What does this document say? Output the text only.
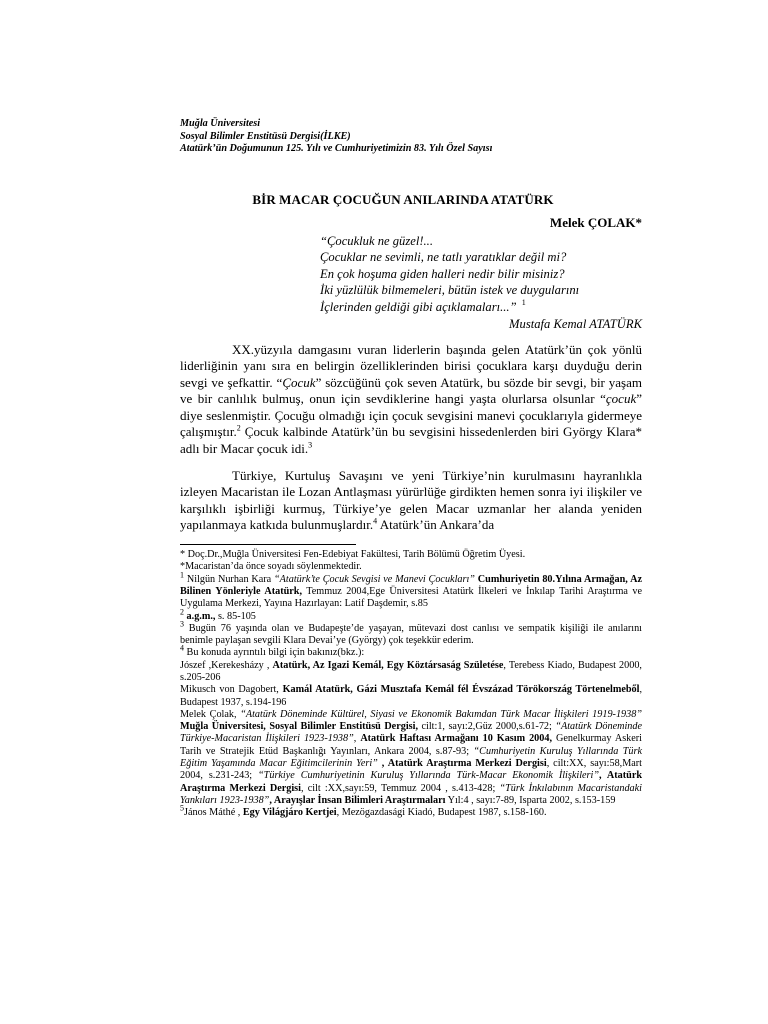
Muğla Üniversitesi
Sosyal Bilimler Enstitüsü Dergisi(İLKE)
Atatürk’ün Doğumunun 125. Yılı ve Cumhuriyetimizin 83. Yılı Özel Sayısı
BİR MACAR ÇOCUĞUN ANILARINDA ATATÜRK
Melek ÇOLAK*
“Çocukluk ne güzel!...
Çocuklar ne sevimli, ne tatlı yaratıklar değil mi?
En çok hoşuma giden halleri nedir bilir misiniz?
İki yüzlülük bilmemeleri, bütün istek ve duygularını
İçlerinden geldiği gibi açıklamaları...” $^1$
Mustafa Kemal ATATÜRK

XX.yüzyıla damgasını vuran liderlerin başında gelen Atatürk’ün çok yönlü liderliğinin yanı sıra en belirgin özelliklerinden birisi çocuklara karşı duyduğu derin sevgi ve şefkattir. “Çocuk” sözcüğünü çok seven Atatürk, bu sözde bir sevgi, bir yaşam ve bir canlılık bulmuş, onun için sevdiklerine hangi yaşta olurlarsa olsunlar “çocuk” diye seslenmiştir. Çocuğu olmadığı için çocuk sevgisini manevi çocuklarıyla gidermeye çalışmıştır.$^2$ Çocuk kalbinde Atatürk’ün bu sevgisini hissedenlerden biri György Klara* adlı bir Macar çocuk idi.$^3$

Türkiye, Kurtuluş Savaşını ve yeni Türkiye’nin kurulmasını hayranlıkla izleyen Macaristan ile Lozan Antlaşması yürürlüğe girdikten hemen sonra iyi ilişkiler ve karşılıklı işbirliği kurmuş, Türkiye’ye gelen Macar uzmanlar her alanda yeniden yapılanmaya katkıda bulunmuşlardır.$^4$ Atatürk’ün Ankara’da

* Doç.Dr.,Muğla Üniversitesi Fen-Edebiyat Fakültesi, Tarih Bölümü Öğretim Üyesi.
*Macaristan’da önce soyadı söylenmektedir.
$^1$ Nilgün Nurhan Kara “Atatürk’te Çocuk Sevgisi ve Manevi Çocukları” Cumhuriyetin 80.Yılına Armağan, Az Bilinen Yönleriyle Atatürk, Temmuz 2004,Ege Üniversitesi Atatürk İlkeleri ve İnkılap Tarihi Araştırma ve Uygulama Merkezi, Yayına Hazırlayan: Latif Daşdemir, s.85
$^2$ a.g.m., s. 85-105
$^3$ Bugün 76 yaşında olan ve Budapeşte’de yaşayan, mütevazi dost canlısı ve sempatik kişiliği ile anılarını benimle paylaşan sevgili Klara Devai’ye (György) çok teşekkür ederim.
$^4$ Bu konuda ayrıntılı bilgi için bakınız(bkz.):
Jószef ,Kerekesházy , Atatürk, Az Igazi Kemál, Egy Köztársaság Születése, Terebess Kiado, Budapest 2000, s.205-206
Mikusch von Dagobert, Kamál Atatürk, Gázi Musztafa Kemál fél Évszázad Törökország Törtenelmeből, Budapest 1937, s.194-196
Melek Çolak, “Atatürk Döneminde Kültürel, Siyasi ve Ekonomik Bakımdan Türk Macar İlişkileri 1919-1938” Muğla Üniversitesi, Sosyal Bilimler Enstitüsü Dergisi, cilt:1, sayı:2,Güz 2000,s.61-72; “Atatürk Döneminde Türkiye-Macaristan İlişkileri 1923-1938”, Atatürk Haftası Armağanı 10 Kasım 2004, Genelkurmay Askeri Tarih ve Stratejik Etüd Başkanlığı Yayınları, Ankara 2004, s.87-93; “Cumhuriyetin Kuruluş Yıllarında Türk Eğitim Yaşamında Macar Eğitimcilerinin Yeri” , Atatürk Araştırma Merkezi Dergisi, cilt:XX, sayı:58,Mart 2004, s.231-243; “Türkiye Cumhuriyetinin Kuruluş Yıllarında Türk-Macar Ekonomik İlişkileri”, Atatürk Araştırma Merkezi Dergisi, cilt :XX,sayı:59, Temmuz 2004 , s.413-428; “Türk İnkılabının Macaristandaki Yankıları 1923-1938”, Arayışlar İnsan Bilimleri Araştırmaları Yıl:4 , sayı:7-89, Isparta 2002, s.153-159
$^5$János Máthé , Egy Világjáro Kertjei, Mezögazdasági Kiadó, Budapest 1987, s.158-160.
